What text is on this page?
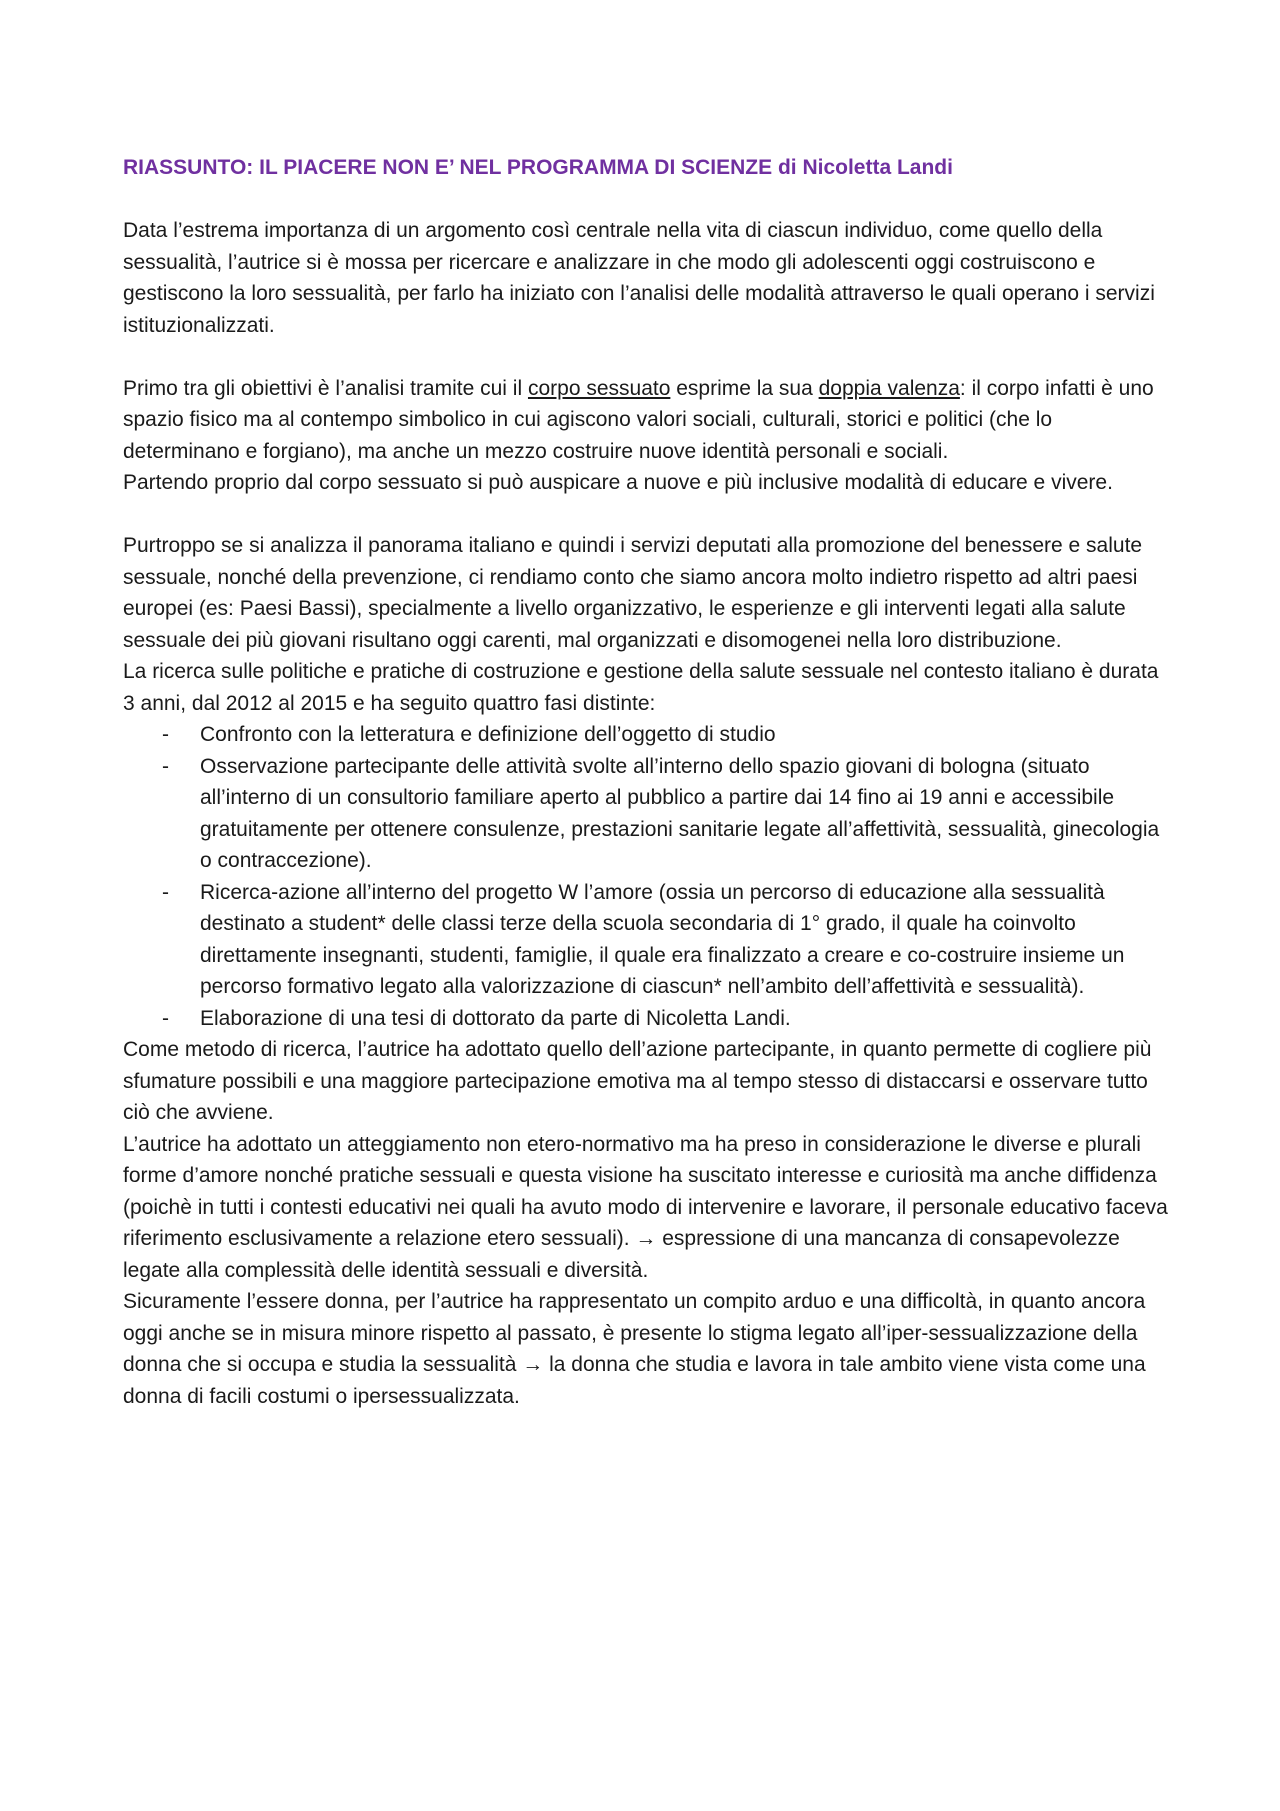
RIASSUNTO: IL PIACERE NON E’ NEL PROGRAMMA DI SCIENZE di Nicoletta Landi

Data l’estrema importanza di un argomento così centrale nella vita di ciascun individuo, come quello della sessualità, l’autrice si è mossa per ricercare e analizzare in che modo gli adolescenti oggi costruiscono e gestiscono la loro sessualità, per farlo ha iniziato con l’analisi delle modalità attraverso le quali operano i servizi istituzionalizzati.

Primo tra gli obiettivi è l’analisi tramite cui il corpo sessuato esprime la sua doppia valenza: il corpo infatti è uno spazio fisico ma al contempo simbolico in cui agiscono valori sociali, culturali, storici e politici (che lo determinano e forgiano), ma anche un mezzo costruire nuove identità personali e sociali.

Partendo proprio dal corpo sessuato si può auspicare a nuove e più inclusive modalità di educare e vivere.

Purtroppo se si analizza il panorama italiano e quindi i servizi deputati alla promozione del benessere e salute sessuale, nonché della prevenzione, ci rendiamo conto che siamo ancora molto indietro rispetto ad altri paesi europei (es: Paesi Bassi), specialmente a livello organizzativo, le esperienze e gli interventi legati alla salute sessuale dei più giovani risultano oggi carenti, mal organizzati e disomogenei nella loro distribuzione.

La ricerca sulle politiche e pratiche di costruzione e gestione della salute sessuale nel contesto italiano è durata 3 anni, dal 2012 al 2015 e ha seguito quattro fasi distinte:

- Confronto con la letteratura e definizione dell’oggetto di studio
- Osservazione partecipante delle attività svolte all’interno dello spazio giovani di bologna (situato all’interno di un consultorio familiare aperto al pubblico a partire dai 14 fino ai 19 anni e accessibile gratuitamente per ottenere consulenze, prestazioni sanitarie legate all’affettività, sessualità, ginecologia o contraccezione).
- Ricerca-azione all’interno del progetto W l’amore (ossia un percorso di educazione alla sessualità destinato a student* delle classi terze della scuola secondaria di 1° grado, il quale ha coinvolto direttamente insegnanti, studenti, famiglie, il quale era finalizzato a creare e co-costruire insieme un percorso formativo legato alla valorizzazione di ciascun* nell’ambito dell’affettività e sessualità).
- Elaborazione di una tesi di dottorato da parte di Nicoletta Landi.

Come metodo di ricerca, l’autrice ha adottato quello dell’azione partecipante, in quanto permette di cogliere più sfumature possibili e una maggiore partecipazione emotiva ma al tempo stesso di distaccarsi e osservare tutto ciò che avviene.

L’autrice ha adottato un atteggiamento non etero-normativo ma ha preso in considerazione le diverse e plurali forme d’amore nonché pratiche sessuali e questa visione ha suscitato interesse e curiosità ma anche diffidenza (poichè in tutti i contesti educativi nei quali ha avuto modo di intervenire e lavorare, il personale educativo faceva riferimento esclusivamente a relazione etero sessuali). → espressione di una mancanza di consapevolezze legate alla complessità delle identità sessuali e diversità.

Sicuramente l’essere donna, per l’autrice ha rappresentato un compito arduo e una difficoltà, in quanto ancora oggi anche se in misura minore rispetto al passato, è presente lo stigma legato all’iper-sessualizzazione della donna che si occupa e studia la sessualità → la donna che studia e lavora in tale ambito viene vista come una donna di facili costumi o ipersessualizzata.
